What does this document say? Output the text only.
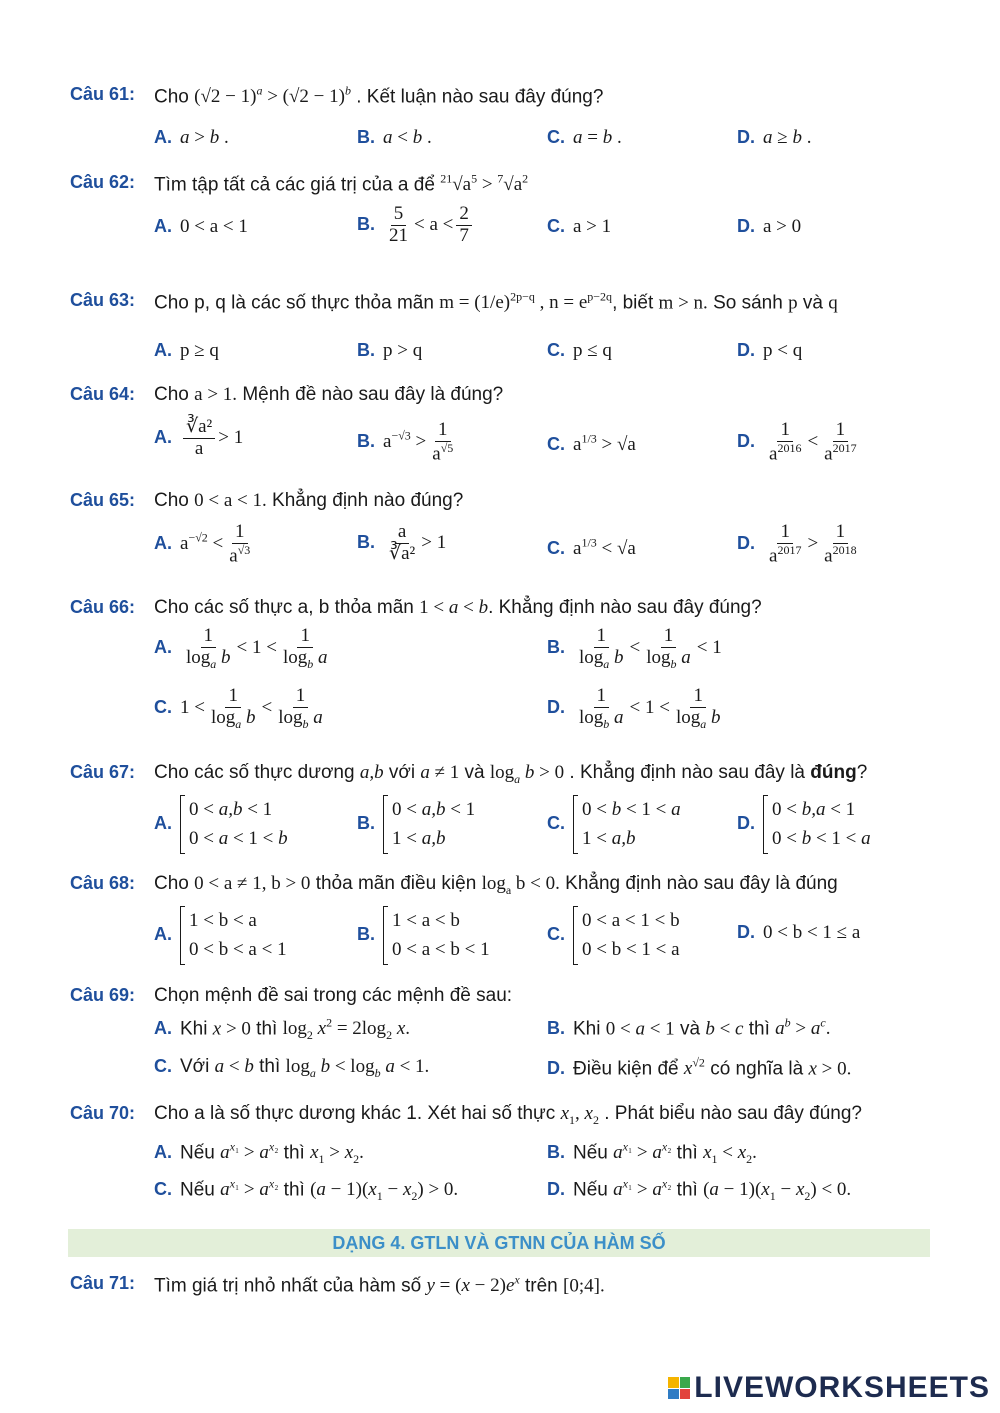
Câu 61: Cho $(√2 - 1)^a > (√2 - 1)^b$ . Kết luận nào sau đây đúng?
A. a > b .	B. a < b .	C. a = b .	D. a ≥ b .
Câu 62: Tìm tập tất cả các giá trị của a để $^{21}√a^5 > ^7√a^2$
A. 0 < a < 1	B. $\frac{5}{21} < a < \frac{2}{7}$	C. a > 1	D. a > 0
Câu 63: Cho p, q là các số thực thỏa mãn $m = (1/e)^{2p-q}$ , $n = e^{p-2q}$, biết m > n. So sánh p và q
A. p ≥ q	B. p > q	C. p ≤ q	D. p < q
Câu 64: Cho a > 1. Mệnh đề nào sau đây là đúng?
A. $\frac{\text{∛a²}}{a} > 1$	B. $a^{-√3} > \frac{1}{a^{√5}}$	C. $a^{1/3} > √a$	D. $\frac{1}{a^{2016}} < \frac{1}{a^{2017}}$
Câu 65: Cho 0 < a < 1. Khẳng định nào đúng?
A. $a^{-√2} < \frac{1}{a^{√3}}$	B. $\frac{a}{\text{∛a²}} > 1$	C. $a^{1/3} < √a$	D. $\frac{1}{a^{2017}} > \frac{1}{a^{2018}}$
Câu 66: Cho các số thực a, b thỏa mãn 1 < a < b. Khẳng định nào sau đây đúng?
A. $\frac{1}{\log_a b} < 1 < \frac{1}{\log_b a}$	B. $\frac{1}{\log_a b} < \frac{1}{\log_b a} < 1$
C. $1 < \frac{1}{\log_a b} < \frac{1}{\log_b a}$	D. $\frac{1}{\log_b a} < 1 < \frac{1}{\log_a b}$
Câu 67: Cho các số thực dương a,b với a ≠ 1 và $\log_a b > 0$ . Khẳng định nào sau đây là đúng?
A.
0 < a,b < 1
0 < a < 1 < b
B.
0 < a,b < 1
1 < a,b
C.
0 < b < 1 < a
1 < a,b
D.
0 < b,a < 1
0 < b < 1 < a
Câu 68: Cho 0 < a ≠ 1, b > 0 thỏa mãn điều kiện $\log_a b < 0$. Khẳng định nào sau đây là đúng
A.
1 < b < a
0 < b < a < 1
B.
1 < a < b
0 < a < b < 1
C.
0 < a < 1 < b
0 < b < 1 < a
D. 0 < b < 1 ≤ a
Câu 69: Chọn mệnh đề sai trong các mệnh đề sau:
A. Khi x > 0 thì $\log_2 x^2 = 2\log_2$ x.	B. Khi 0 < a < 1 và b < c thì $a^b > a^c$.
C. Với a < b thì $\log_a b < \log_b a < 1$.	D. Điều kiện để $x^{√2}$ có nghĩa là x > 0.
Câu 70: Cho a là số thực dương khác 1. Xét hai số thực $x_1$, $x_2$ . Phát biểu nào sau đây đúng?
A. Nếu $a^{x_1} > a^{x_2}$ thì $x_1 > x_2$.	B. Nếu $a^{x_1} > a^{x_2}$ thì $x_1 < x_2$.
C. Nếu $a^{x_1} > a^{x_2}$ thì $(a - 1)(x_1 - x_2) > 0$.	D. Nếu $a^{x_1} > a^{x_2}$ thì $(a - 1)(x_1 - x_2) < 0$.
DẠNG 4. GTLN VÀ GTNN CỦA HÀM SỐ
Câu 71: Tìm giá trị nhỏ nhất của hàm số $y = (x - 2)e^x$ trên [0;4].
LIVEWORKSHEETS
